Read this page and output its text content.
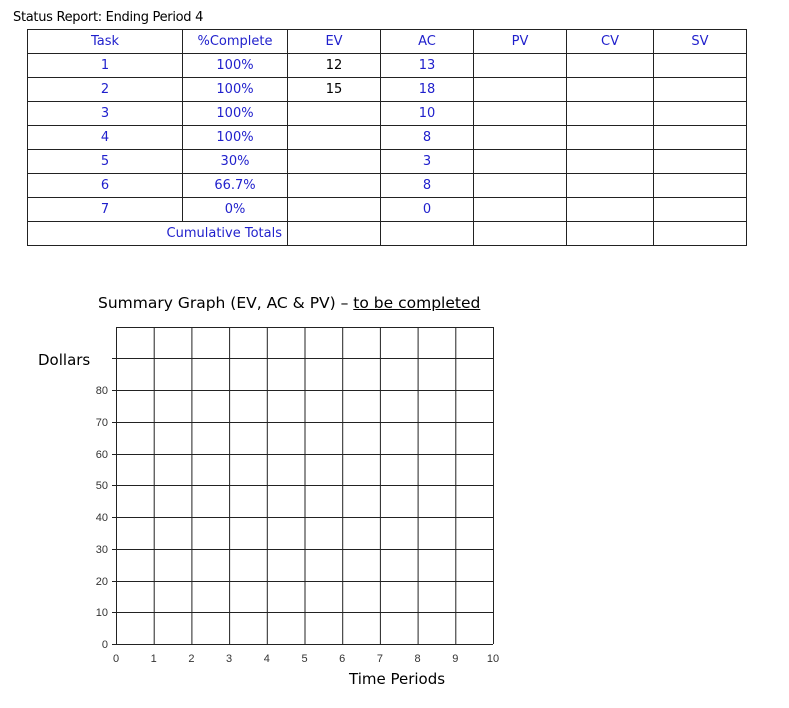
Status Report: Ending Period 4
Task	%Complete	EV	AC	PV	CV	SV
1	100%	12	13			
2	100%	15	18			
3	100%		10			
4	100%		8			
5	30%		3			
6	66.7%		8			
7	0%		0			
Cumulative Totals						
Summary Graph (EV, AC & PV) – to be completed
Dollars
Time Periods
0
10
20
30
40
50
60
70
80
0	1	2	3	4	5	6	7	8	9	10
